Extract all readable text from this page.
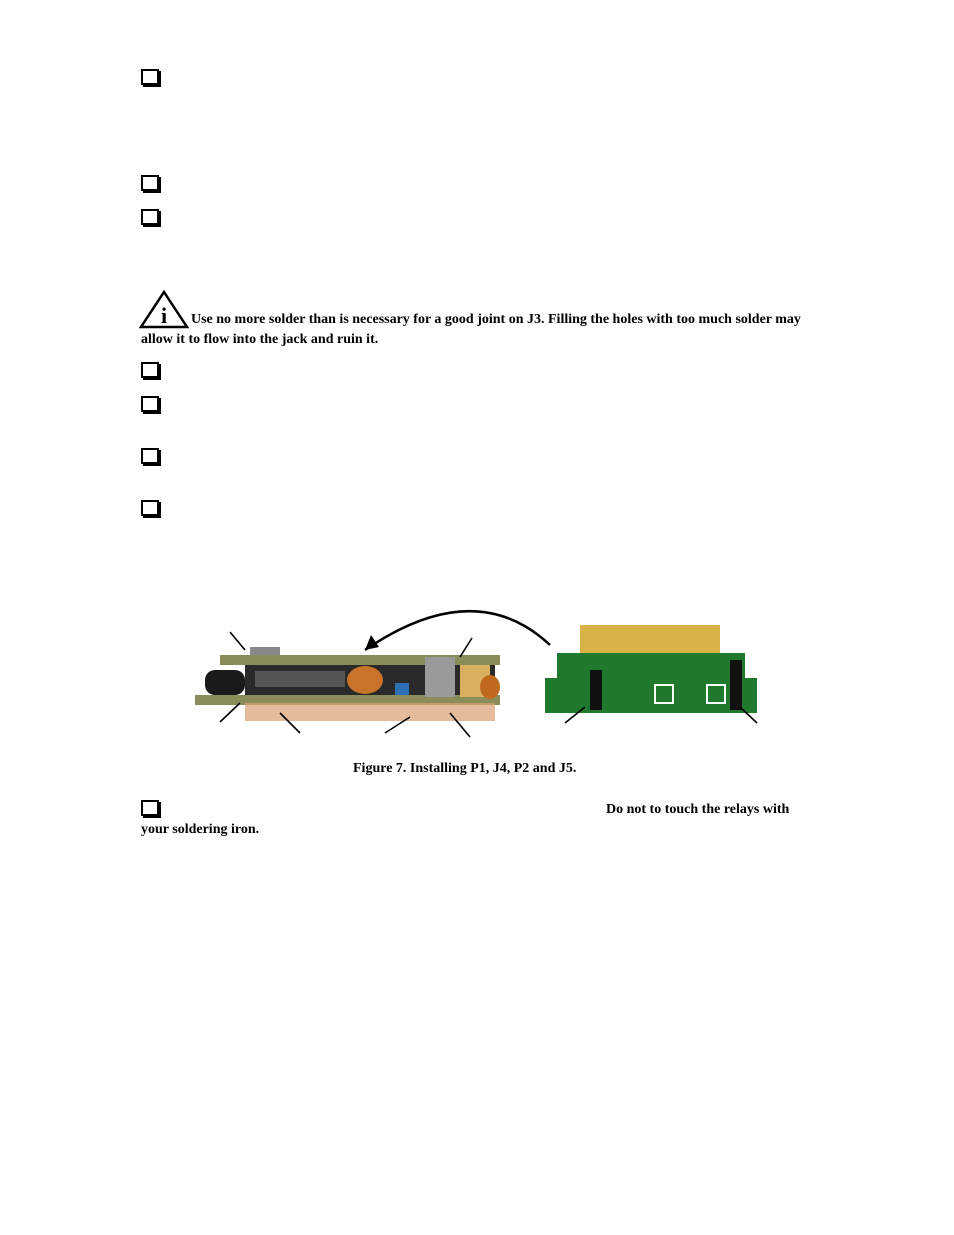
i	Use no more solder than is necessary for a good joint on J3. Filling the holes with too much solder may allow it to flow into the jack and ruin it.
Figure 7. Installing P1, J4, P2 and J5.
Do not to touch the relays with your soldering iron.
